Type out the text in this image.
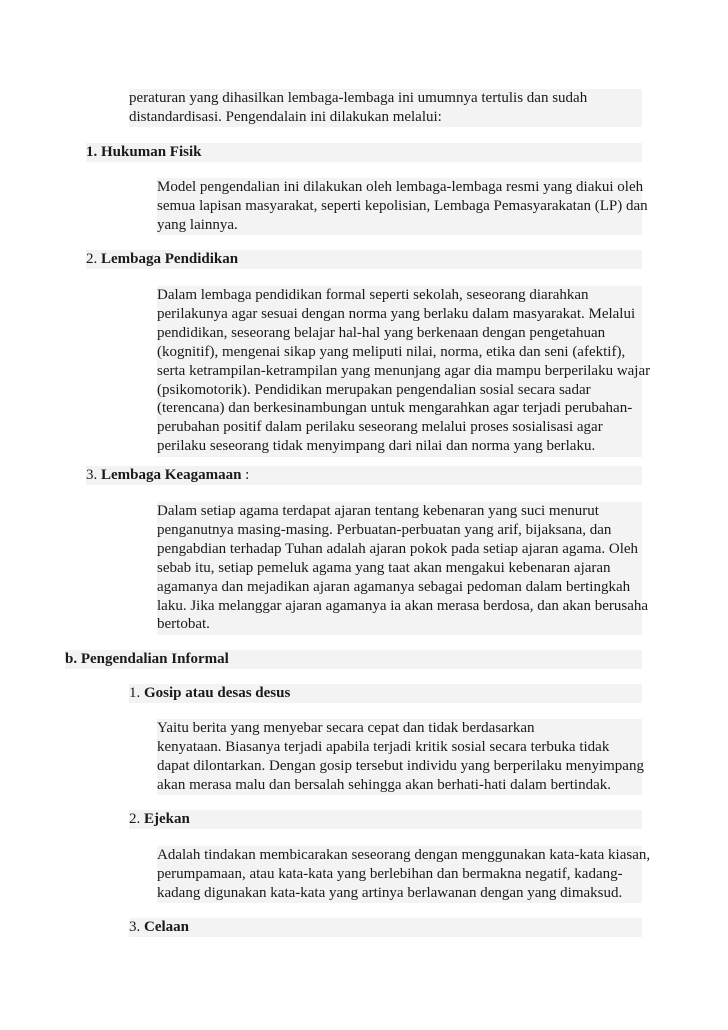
peraturan yang dihasilkan lembaga-lembaga ini umumnya tertulis dan sudah
distandardisasi. Pengendalain ini dilakukan melalui:
1. Hukuman Fisik
Model pengendalian ini dilakukan oleh lembaga-lembaga resmi yang diakui oleh
semua lapisan masyarakat, seperti kepolisian, Lembaga Pemasyarakatan (LP) dan
yang lainnya.
2. Lembaga Pendidikan
Dalam lembaga pendidikan formal seperti sekolah, seseorang diarahkan
perilakunya agar sesuai dengan norma yang berlaku dalam masyarakat. Melalui
pendidikan, seseorang belajar hal-hal yang berkenaan dengan pengetahuan
(kognitif), mengenai sikap yang meliputi nilai, norma, etika dan seni (afektif),
serta ketrampilan-ketrampilan yang menunjang agar dia mampu berperilaku wajar
(psikomotorik). Pendidikan merupakan pengendalian sosial secara sadar
(terencana) dan berkesinambungan untuk mengarahkan agar terjadi perubahan-
perubahan positif dalam perilaku seseorang melalui proses sosialisasi agar
perilaku seseorang tidak menyimpang dari nilai dan norma yang berlaku.
3. Lembaga Keagamaan :
Dalam setiap agama terdapat ajaran tentang kebenaran yang suci menurut
penganutnya masing-masing. Perbuatan-perbuatan yang arif, bijaksana, dan
pengabdian terhadap Tuhan adalah ajaran pokok pada setiap ajaran agama. Oleh
sebab itu, setiap pemeluk agama yang taat akan mengakui kebenaran ajaran
agamanya dan mejadikan ajaran agamanya sebagai pedoman dalam bertingkah
laku. Jika melanggar ajaran agamanya ia akan merasa berdosa, dan akan berusaha
bertobat.
b. Pengendalian Informal
1. Gosip atau desas desus
Yaitu berita yang menyebar secara cepat dan tidak berdasarkan
kenyataan. Biasanya terjadi apabila terjadi kritik sosial secara terbuka tidak
dapat dilontarkan. Dengan gosip tersebut individu yang berperilaku menyimpang
akan merasa malu dan bersalah sehingga akan berhati-hati dalam bertindak.
2. Ejekan
Adalah tindakan membicarakan seseorang dengan menggunakan kata-kata kiasan,
perumpamaan, atau kata-kata yang berlebihan dan bermakna negatif, kadang-
kadang digunakan kata-kata yang artinya berlawanan dengan yang dimaksud.
3. Celaan
